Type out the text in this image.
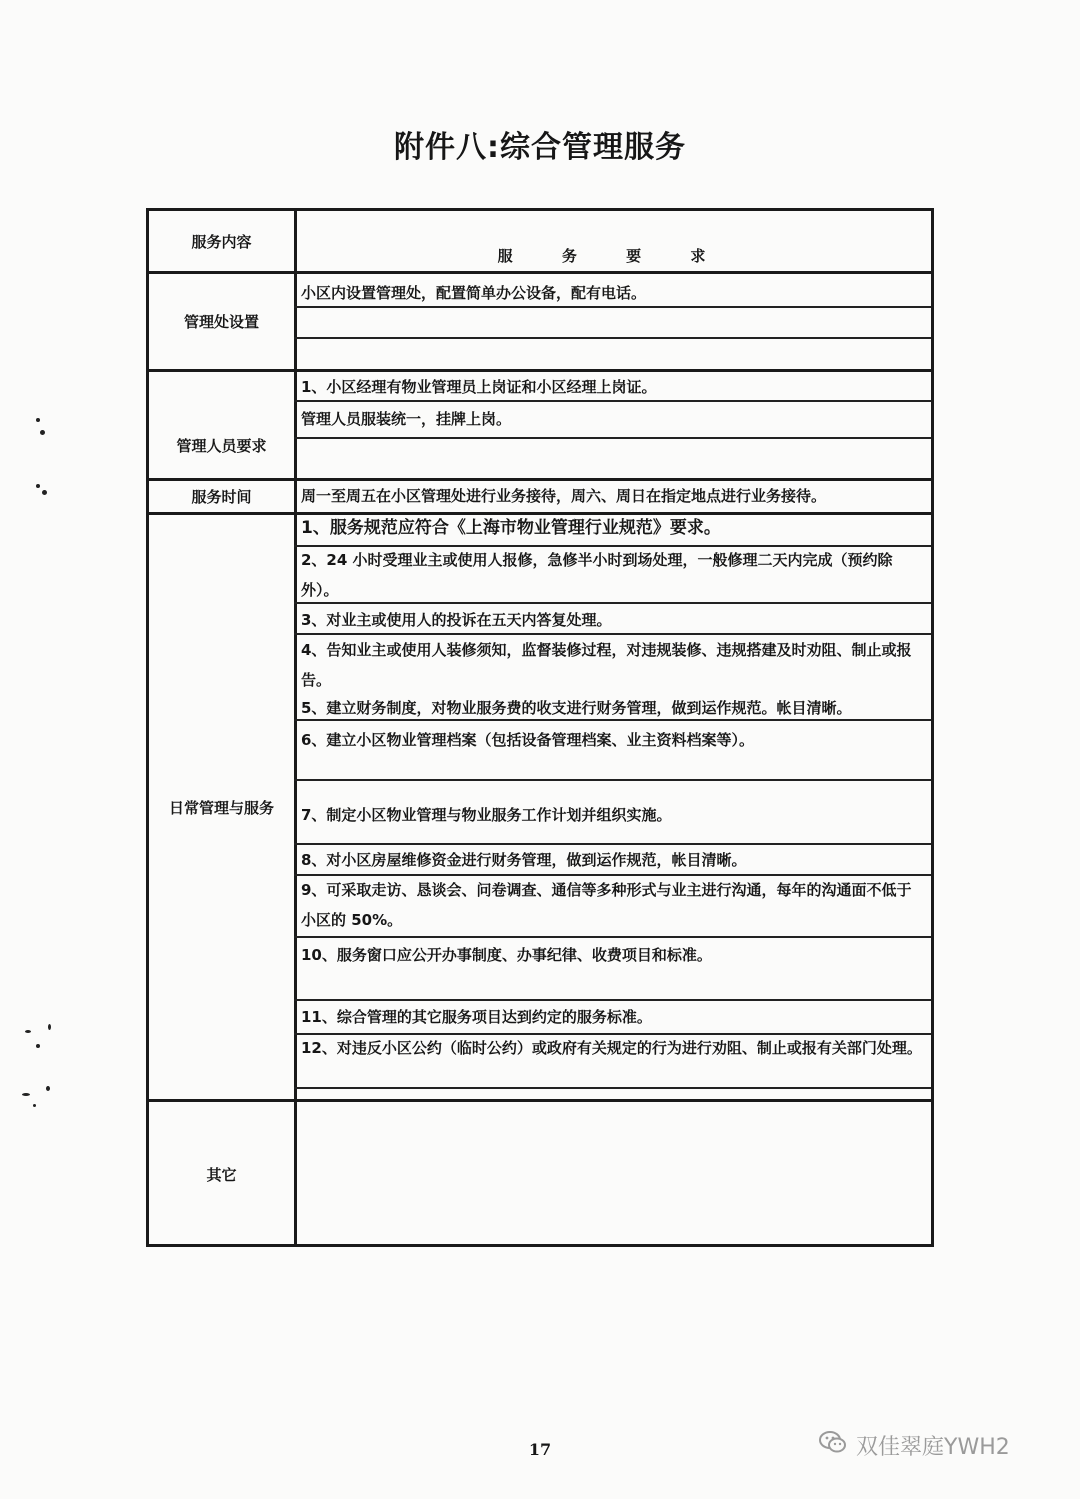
附件八:综合管理服务
服务内容
服 务 要 求
管理处设置
小区内设置管理处，配置简单办公设备，配有电话。
管理人员要求
1、小区经理有物业管理员上岗证和小区经理上岗证。
管理人员服装统一，挂牌上岗。
服务时间	周一至周五在小区管理处进行业务接待，周六、周日在指定地点进行业务接待。
日常管理与服务
1、服务规范应符合《上海市物业管理行业规范》要求。
2、24 小时受理业主或使用人报修，急修半小时到场处理，一般修理二天内完成（预约除外）。
3、对业主或使用人的投诉在五天内答复处理。
4、告知业主或使用人装修须知，监督装修过程，对违规装修、违规搭建及时劝阻、制止或报告。
5、建立财务制度，对物业服务费的收支进行财务管理，做到运作规范。帐目清晰。
6、建立小区物业管理档案（包括设备管理档案、业主资料档案等）。
7、制定小区物业管理与物业服务工作计划并组织实施。
8、对小区房屋维修资金进行财务管理，做到运作规范，帐目清晰。
9、可采取走访、恳谈会、问卷调查、通信等多种形式与业主进行沟通，每年的沟通面不低于小区的 50%。
10、服务窗口应公开办事制度、办事纪律、收费项目和标准。
11、综合管理的其它服务项目达到约定的服务标准。
12、对违反小区公约（临时公约）或政府有关规定的行为进行劝阻、制止或报有关部门处理。
其它
17	双佳翠庭YWH2
